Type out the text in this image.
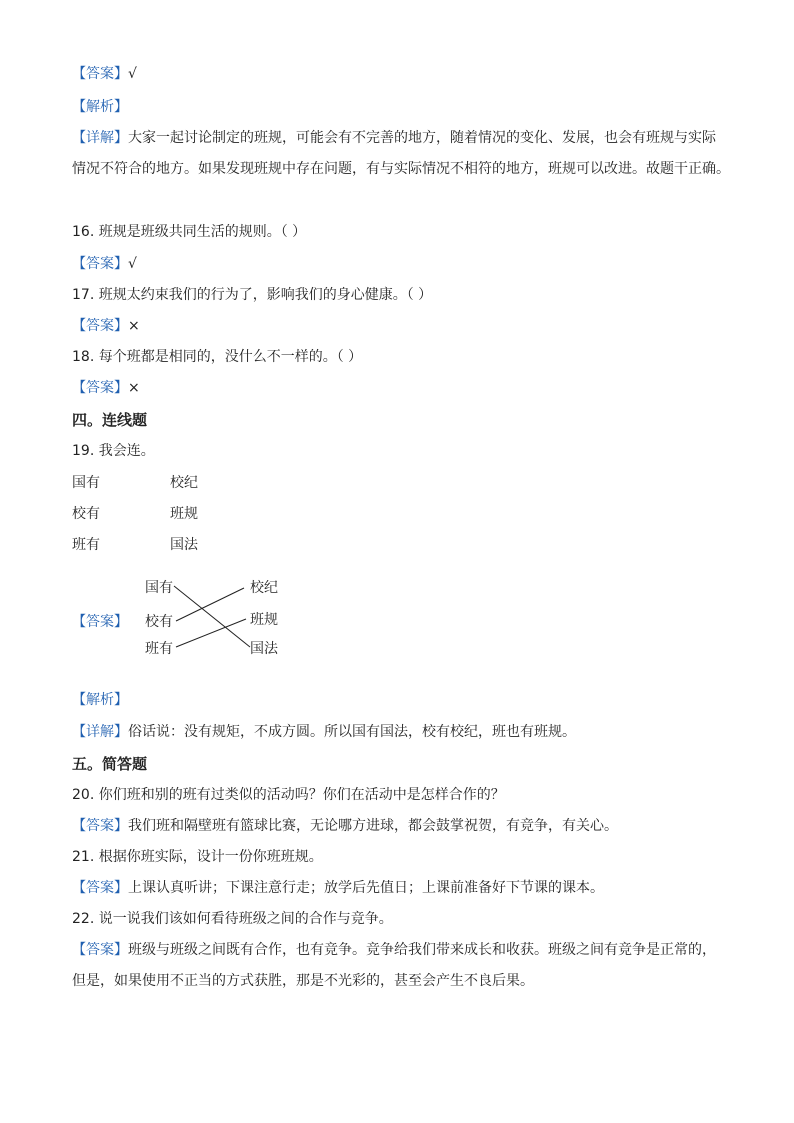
【答案】√
【解析】
【详解】大家一起讨论制定的班规，可能会有不完善的地方，随着情况的变化、发展，也会有班规与实际
情况不符合的地方。如果发现班规中存在问题，有与实际情况不相符的地方，班规可以改进。故题干正确。
16. 班规是班级共同生活的规则。（ ）
【答案】√
17. 班规太约束我们的行为了，影响我们的身心健康。（ ）
【答案】×
18. 每个班都是相同的，没什么不一样的。（ ）
【答案】×
四。连线题
19. 我会连。
国有	校纪
校有	班规
班有	国法
【答案】
国有
校有
班有
校纪
班规
国法
【解析】
【详解】俗话说：没有规矩，不成方圆。所以国有国法，校有校纪，班也有班规。
五。简答题
20. 你们班和别的班有过类似的活动吗？你们在活动中是怎样合作的？
【答案】我们班和隔壁班有篮球比赛，无论哪方进球，都会鼓掌祝贺，有竞争，有关心。
21. 根据你班实际，设计一份你班班规。
【答案】上课认真听讲；下课注意行走；放学后先值日；上课前准备好下节课的课本。
22. 说一说我们该如何看待班级之间的合作与竞争。
【答案】班级与班级之间既有合作，也有竞争。竞争给我们带来成长和收获。班级之间有竞争是正常的，
但是，如果使用不正当的方式获胜，那是不光彩的，甚至会产生不良后果。
